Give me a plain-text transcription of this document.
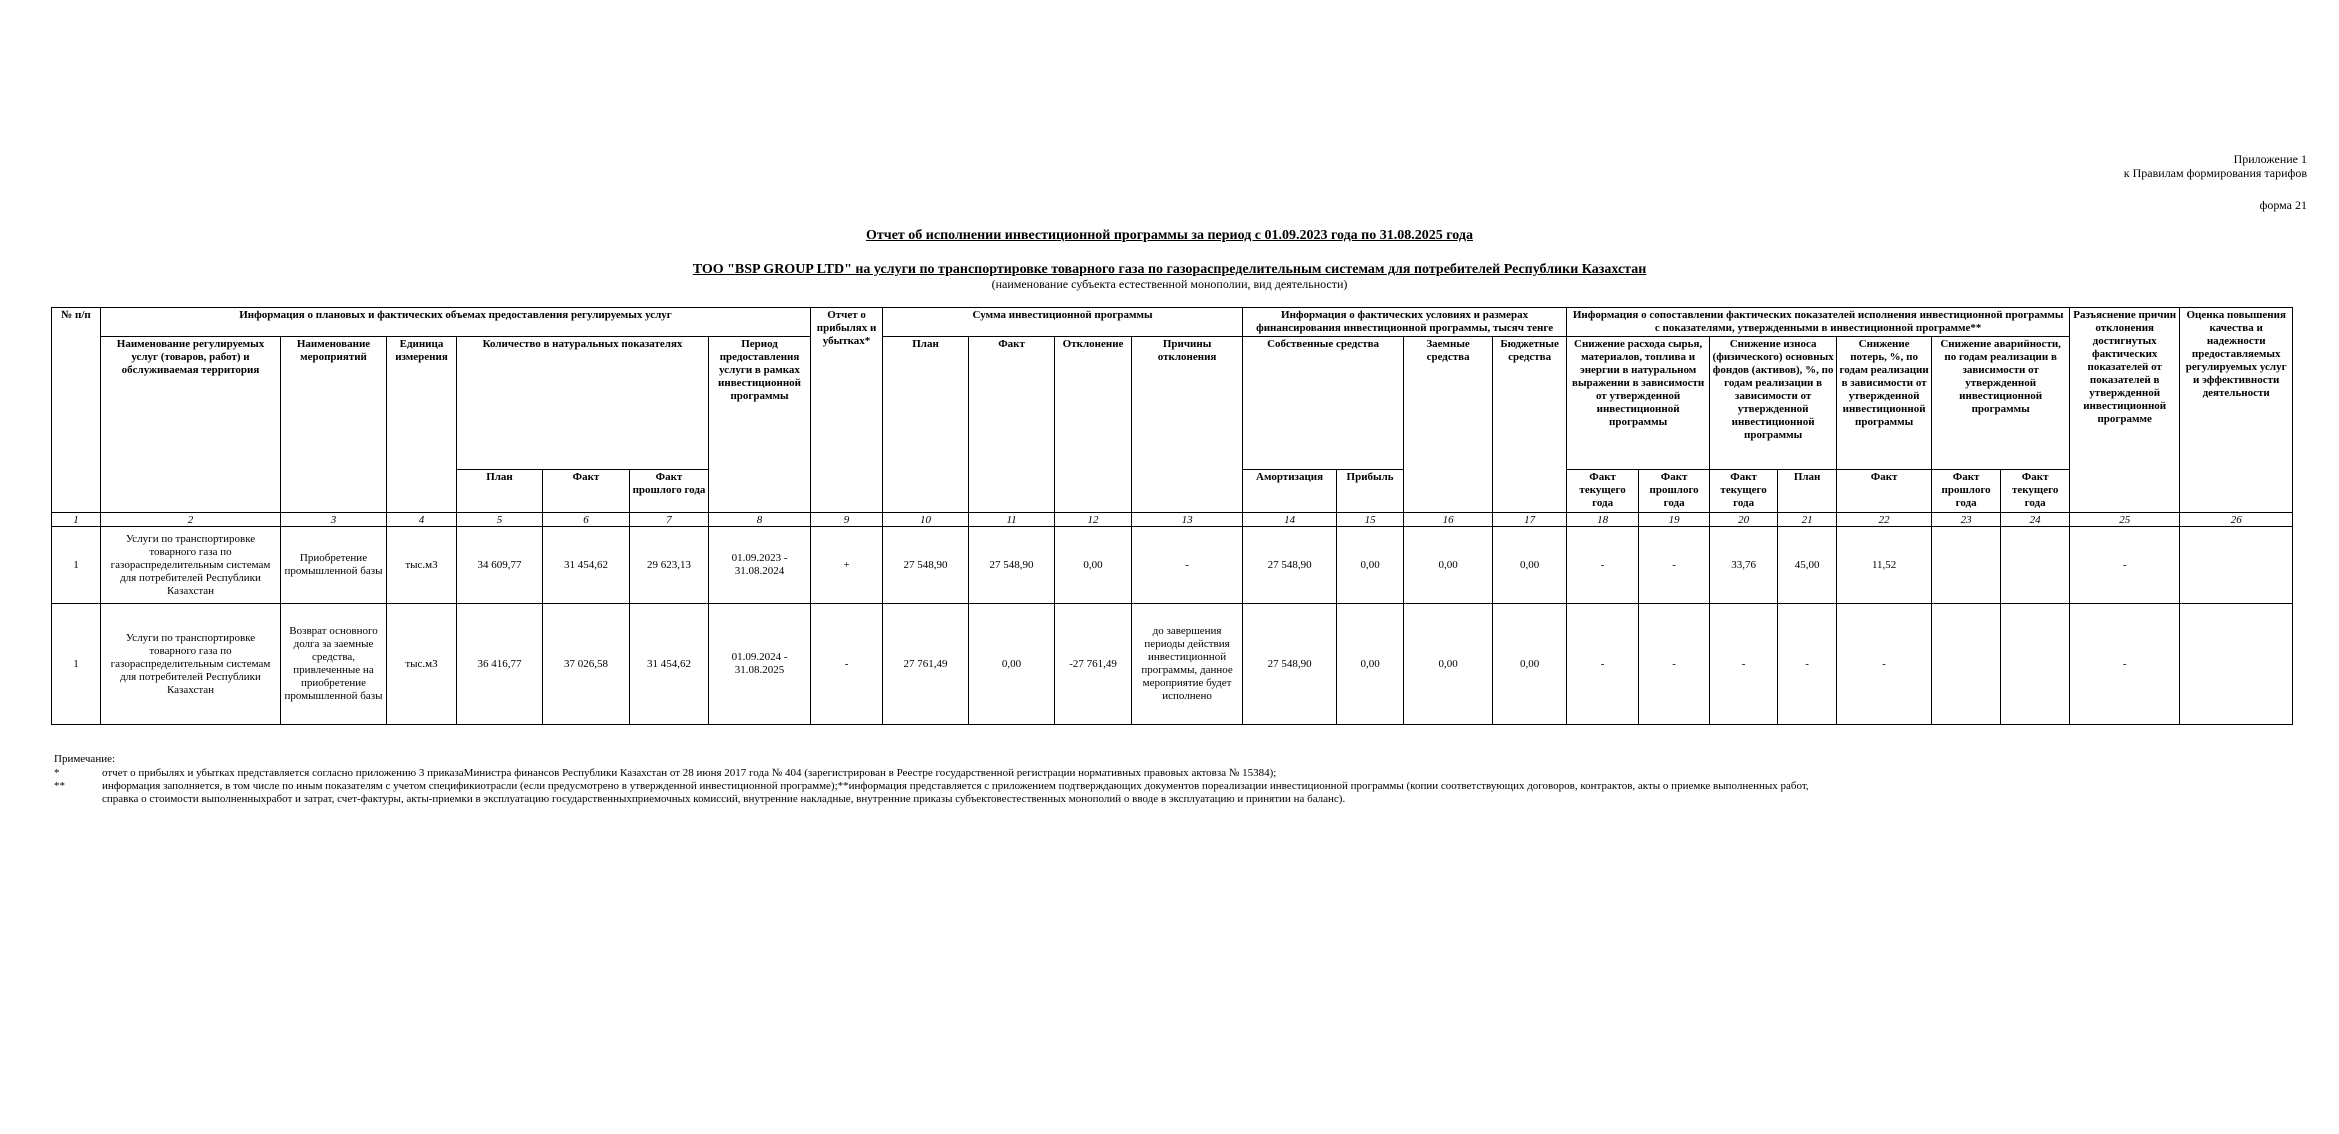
Приложение 1
к Правилам формирования тарифов
форма 21
Отчет об исполнении инвестиционной программы за период с 01.09.2023 года по 31.08.2025 года
ТОО "BSP GROUP LTD" на услуги по транспортировке товарного газа по газораспределительным системам для потребителей Республики Казахстан
(наименование субъекта естественной монополии, вид деятельности)
№ п/п	Информация о плановых и фактических объемах предоставления регулируемых услуг							Отчет о прибылях и убытках*	Сумма инвестиционной программы				Информация о фактических условиях и размерах финансирования инвестиционной программы, тысяч тенге				Информация о сопоставлении фактических показателей исполнения инвестиционной программы с показателями, утвержденными в инвестиционной программе**							Разъяснение причин отклонения достигнутых фактических показателей от показателей в утвержденной инвестиционной программе	Оценка повышения качества и надежности предоставляемых регулируемых услуг и эффективности деятельности
	Наименование регулируемых услуг (товаров, работ) и обслуживаемая территория	Наименование мероприятий	Единица измерения	Количество в натуральных показателях			Период предоставления услуги в рамках инвестиционной программы		План	Факт	Отклонение	Причины отклонения	Собственные средства		Заемные средства	Бюджетные средства	Снижение расхода сырья, материалов, топлива и энергии в натуральном выражении в зависимости от утвержденной инвестиционной программы		Снижение износа (физического) основных фондов (активов), %, по годам реализации в зависимости от утвержденной инвестиционной программы		Снижение потерь, %, по годам реализации в зависимости от утвержденной инвестиционной программы	Снижение аварийности, по годам реализации в зависимости от утвержденной инвестиционной программы			
				План	Факт	Факт прошлого года							Амортизация	Прибыль			Факт текущего года	Факт прошлого года	Факт текущего года	План	Факт	Факт прошлого года	Факт текущего года		
1	2	3	4	5	6	7	8	9	10	11	12	13	14	15	16	17	18	19	20	21	22	23	24	25	26
1	Услуги по транспортировке товарного газа по газораспределительным системам для потребителей Республики Казахстан	Приобретение промышленной базы	тыс.м3	34 609,77	31 454,62	29 623,13	01.09.2023 - 31.08.2024	+	27 548,90	27 548,90	0,00	-	27 548,90	0,00	0,00	0,00	-	-	33,76	45,00	11,52			-	
1	Услуги по транспортировке товарного газа по газораспределительным системам для потребителей Республики Казахстан	Возврат основного долга за заемные средства, привлеченные на приобретение промышленной базы	тыс.м3	36 416,77	37 026,58	31 454,62	01.09.2024 - 31.08.2025	-	27 761,49	0,00	-27 761,49	до завершения периоды действия инвестиционной программы, данное мероприятие будет исполнено	27 548,90	0,00	0,00	0,00	-	-	-	-	-			-	
Примечание:
*	отчет о прибылях и убытках представляется согласно приложению 3 приказаМинистра финансов Республики Казахстан от 28 июня 2017 года № 404 (зарегистрирован в Реестре государственной регистрации нормативных правовых актовза № 15384);
**	информация заполняется, в том числе по иным показателям с учетом спецификиотрасли (если предусмотрено в утвержденной инвестиционной программе);**информация представляется с приложением подтверждающих документов пореализации инвестиционной программы (копии соответствующих договоров, контрактов, акты о приемке выполненных работ, справка о стоимости выполненныхработ и затрат, счет-фактуры, акты-приемки в эксплуатацию государственныхприемочных комиссий, внутренние накладные, внутренние приказы субъектовестественных монополий о вводе в эксплуатацию и принятии на баланс).
